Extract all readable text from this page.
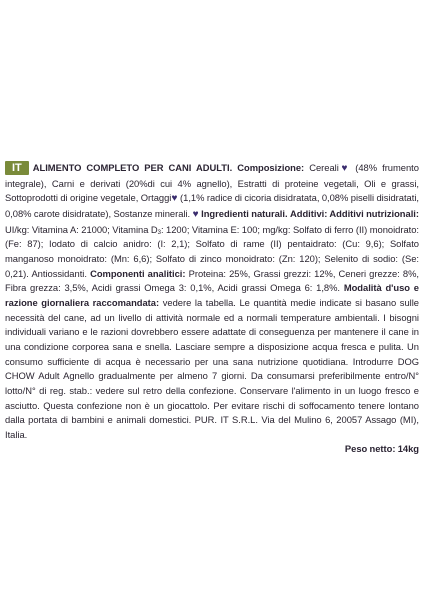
IT ALIMENTO COMPLETO PER CANI ADULTI. Composizione: Cereali♥ (48% frumento integrale), Carni e derivati (20%di cui 4% agnello), Estratti di proteine vegetali, Oli e grassi, Sottoprodotti di origine vegetale, Ortaggi♥ (1,1% radice di cicoria disidratata, 0,08% piselli disidratati, 0,08% carote disidratate), Sostanze minerali. ♥ Ingredienti naturali. Additivi: Additivi nutrizionali: UI/kg: Vitamina A: 21000; Vitamina $D_3$: 1200; Vitamina E: 100; mg/kg: Solfato di ferro (II) monoidrato: (Fe: 87); Iodato di calcio anidro: (I: 2,1); Solfato di rame (II) pentaidrato: (Cu: 9,6); Solfato manganoso monoidrato: (Mn: 6,6); Solfato di zinco monoidrato: (Zn: 120); Selenito di sodio: (Se: 0,21). Antiossidanti. Componenti analitici: Proteina: 25%, Grassi grezzi: 12%, Ceneri grezze: 8%, Fibra grezza: 3,5%, Acidi grassi Omega 3: 0,1%, Acidi grassi Omega 6: 1,8%. Modalità d'uso e razione giornaliera raccomandata: vedere la tabella. Le quantità medie indicate si basano sulle necessità del cane, ad un livello di attività normale ed a normali temperature ambientali. I bisogni individuali variano e le razioni dovrebbero essere adattate di conseguenza per mantenere il cane in una condizione corporea sana e snella. Lasciare sempre a disposizione acqua fresca e pulita. Un consumo sufficiente di acqua è necessario per una sana nutrizione quotidiana. Introdurre DOG CHOW Adult Agnello gradualmente per almeno 7 giorni. Da consumarsi preferibilmente entro/N° lotto/N° di reg. stab.: vedere sul retro della confezione. Conservare l'alimento in un luogo fresco e asciutto. Questa confezione non è un giocattolo. Per evitare rischi di soffocamento tenere lontano dalla portata di bambini e animali domestici. PUR. IT S.R.L. Via del Mulino 6, 20057 Assago (MI), Italia.
Peso netto: 14kg
